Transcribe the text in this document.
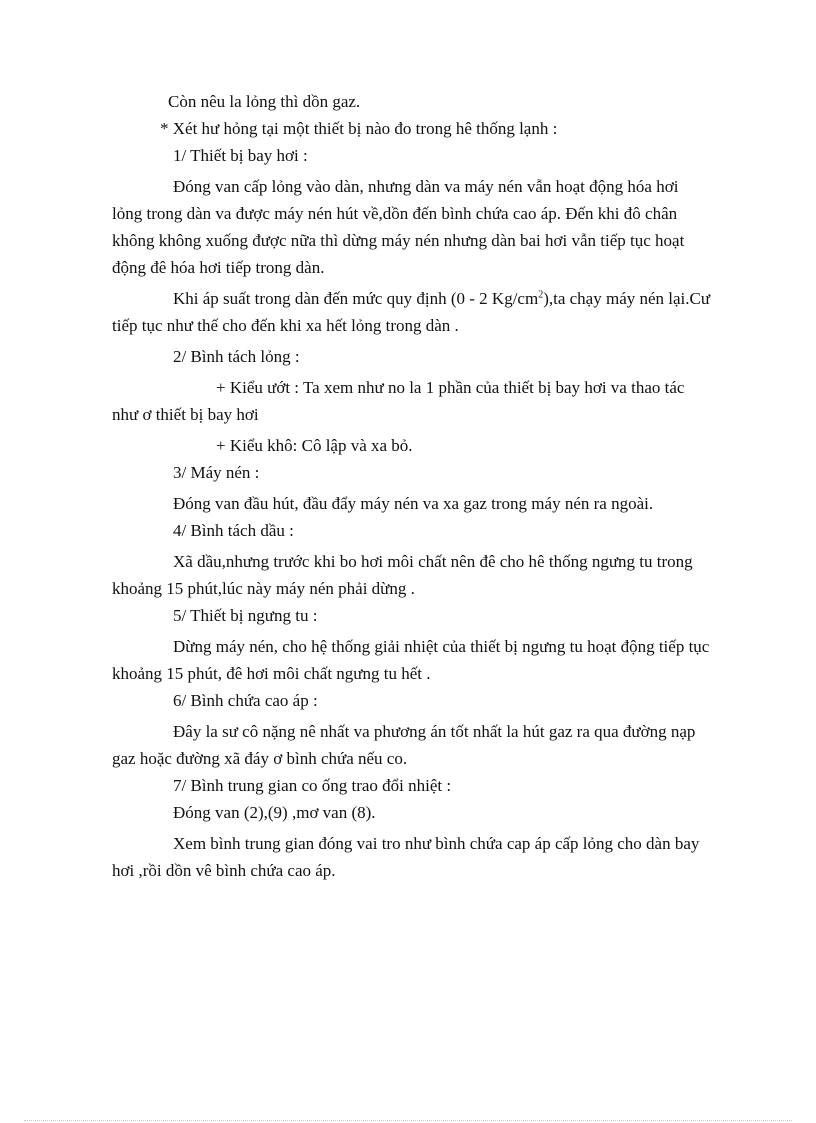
Còn nêu la lỏng thì dồn gaz.

* Xét hư hỏng tại một thiết bị nào đo trong hê thống lạnh :

1/ Thiết bị bay hơi :

Đóng van cấp lỏng vào dàn, nhưng dàn va máy nén vẫn hoạt động hóa hơi lỏng trong dàn va được máy nén hút về,dồn đến bình chứa cao áp. Đến khi đô chân không không xuống được nữa thì dừng máy nén nhưng dàn bai hơi vẫn tiếp tục hoạt động đê hóa hơi tiếp trong dàn.

Khi áp suất trong dàn đến mức quy định (0 - 2 $Kg/cm^2),ta$ chạy máy nén lại.Cư tiếp tục như thế cho đến khi xa hết lỏng trong dàn .

2/ Bình tách lỏng :

+ Kiểu ướt : Ta xem như no la 1 phần của thiết bị bay hơi va thao tác như ơ thiết bị bay hơi

+ Kiểu khô: Cô lập và xa bỏ.

3/ Máy nén :

Đóng van đầu hút, đầu đẩy máy nén va xa gaz trong máy nén ra ngoài.

4/ Bình tách dầu :

Xã dầu,nhưng trước khi bo hơi môi chất nên đê cho hê thống ngưng tu trong khoảng 15 phút,lúc này máy nén phải dừng .

5/ Thiết bị ngưng tu :

Dừng máy nén, cho hệ thống giải nhiệt của thiết bị ngưng tu hoạt động tiếp tục khoảng 15 phút, đê hơi môi chất ngưng tu hết .

6/ Bình chứa cao áp :

Đây la sư cô nặng nê nhất va phương án tốt nhất la hút gaz ra qua đường nạp gaz hoặc đường xã đáy ơ bình chứa nếu co.

7/ Bình trung gian co ống trao đổi nhiệt :

Đóng van (2),(9) ,mơ van (8).

Xem bình trung gian đóng vai tro như bình chứa cap áp cấp lỏng cho dàn bay hơi ,rồi dồn vê bình chứa cao áp.
